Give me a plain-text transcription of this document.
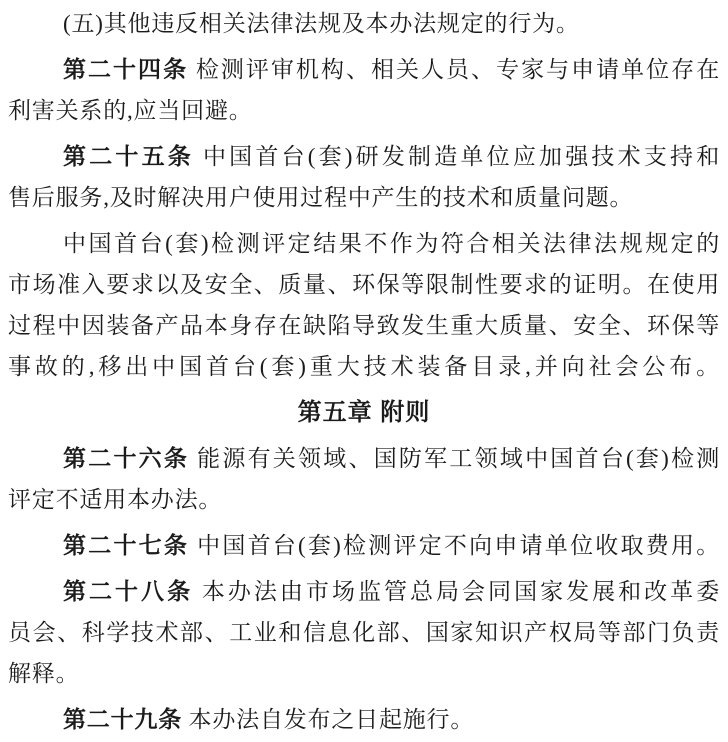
(五)其他违反相关法律法规及本办法规定的行为。
第二十四条 检测评审机构、相关人员、专家与申请单位存在
利害关系的,应当回避。
第二十五条 中国首台(套)研发制造单位应加强技术支持和
售后服务,及时解决用户使用过程中产生的技术和质量问题。
中国首台(套)检测评定结果不作为符合相关法律法规规定的
市场准入要求以及安全、质量、环保等限制性要求的证明。在使用
过程中因装备产品本身存在缺陷导致发生重大质量、安全、环保等
事故的,移出中国首台(套)重大技术装备目录,并向社会公布。
第五章 附则
第二十六条 能源有关领域、国防军工领域中国首台(套)检测
评定不适用本办法。
第二十七条 中国首台(套)检测评定不向申请单位收取费用。
第二十八条 本办法由市场监管总局会同国家发展和改革委
员会、科学技术部、工业和信息化部、国家知识产权局等部门负责
解释。
第二十九条 本办法自发布之日起施行。
